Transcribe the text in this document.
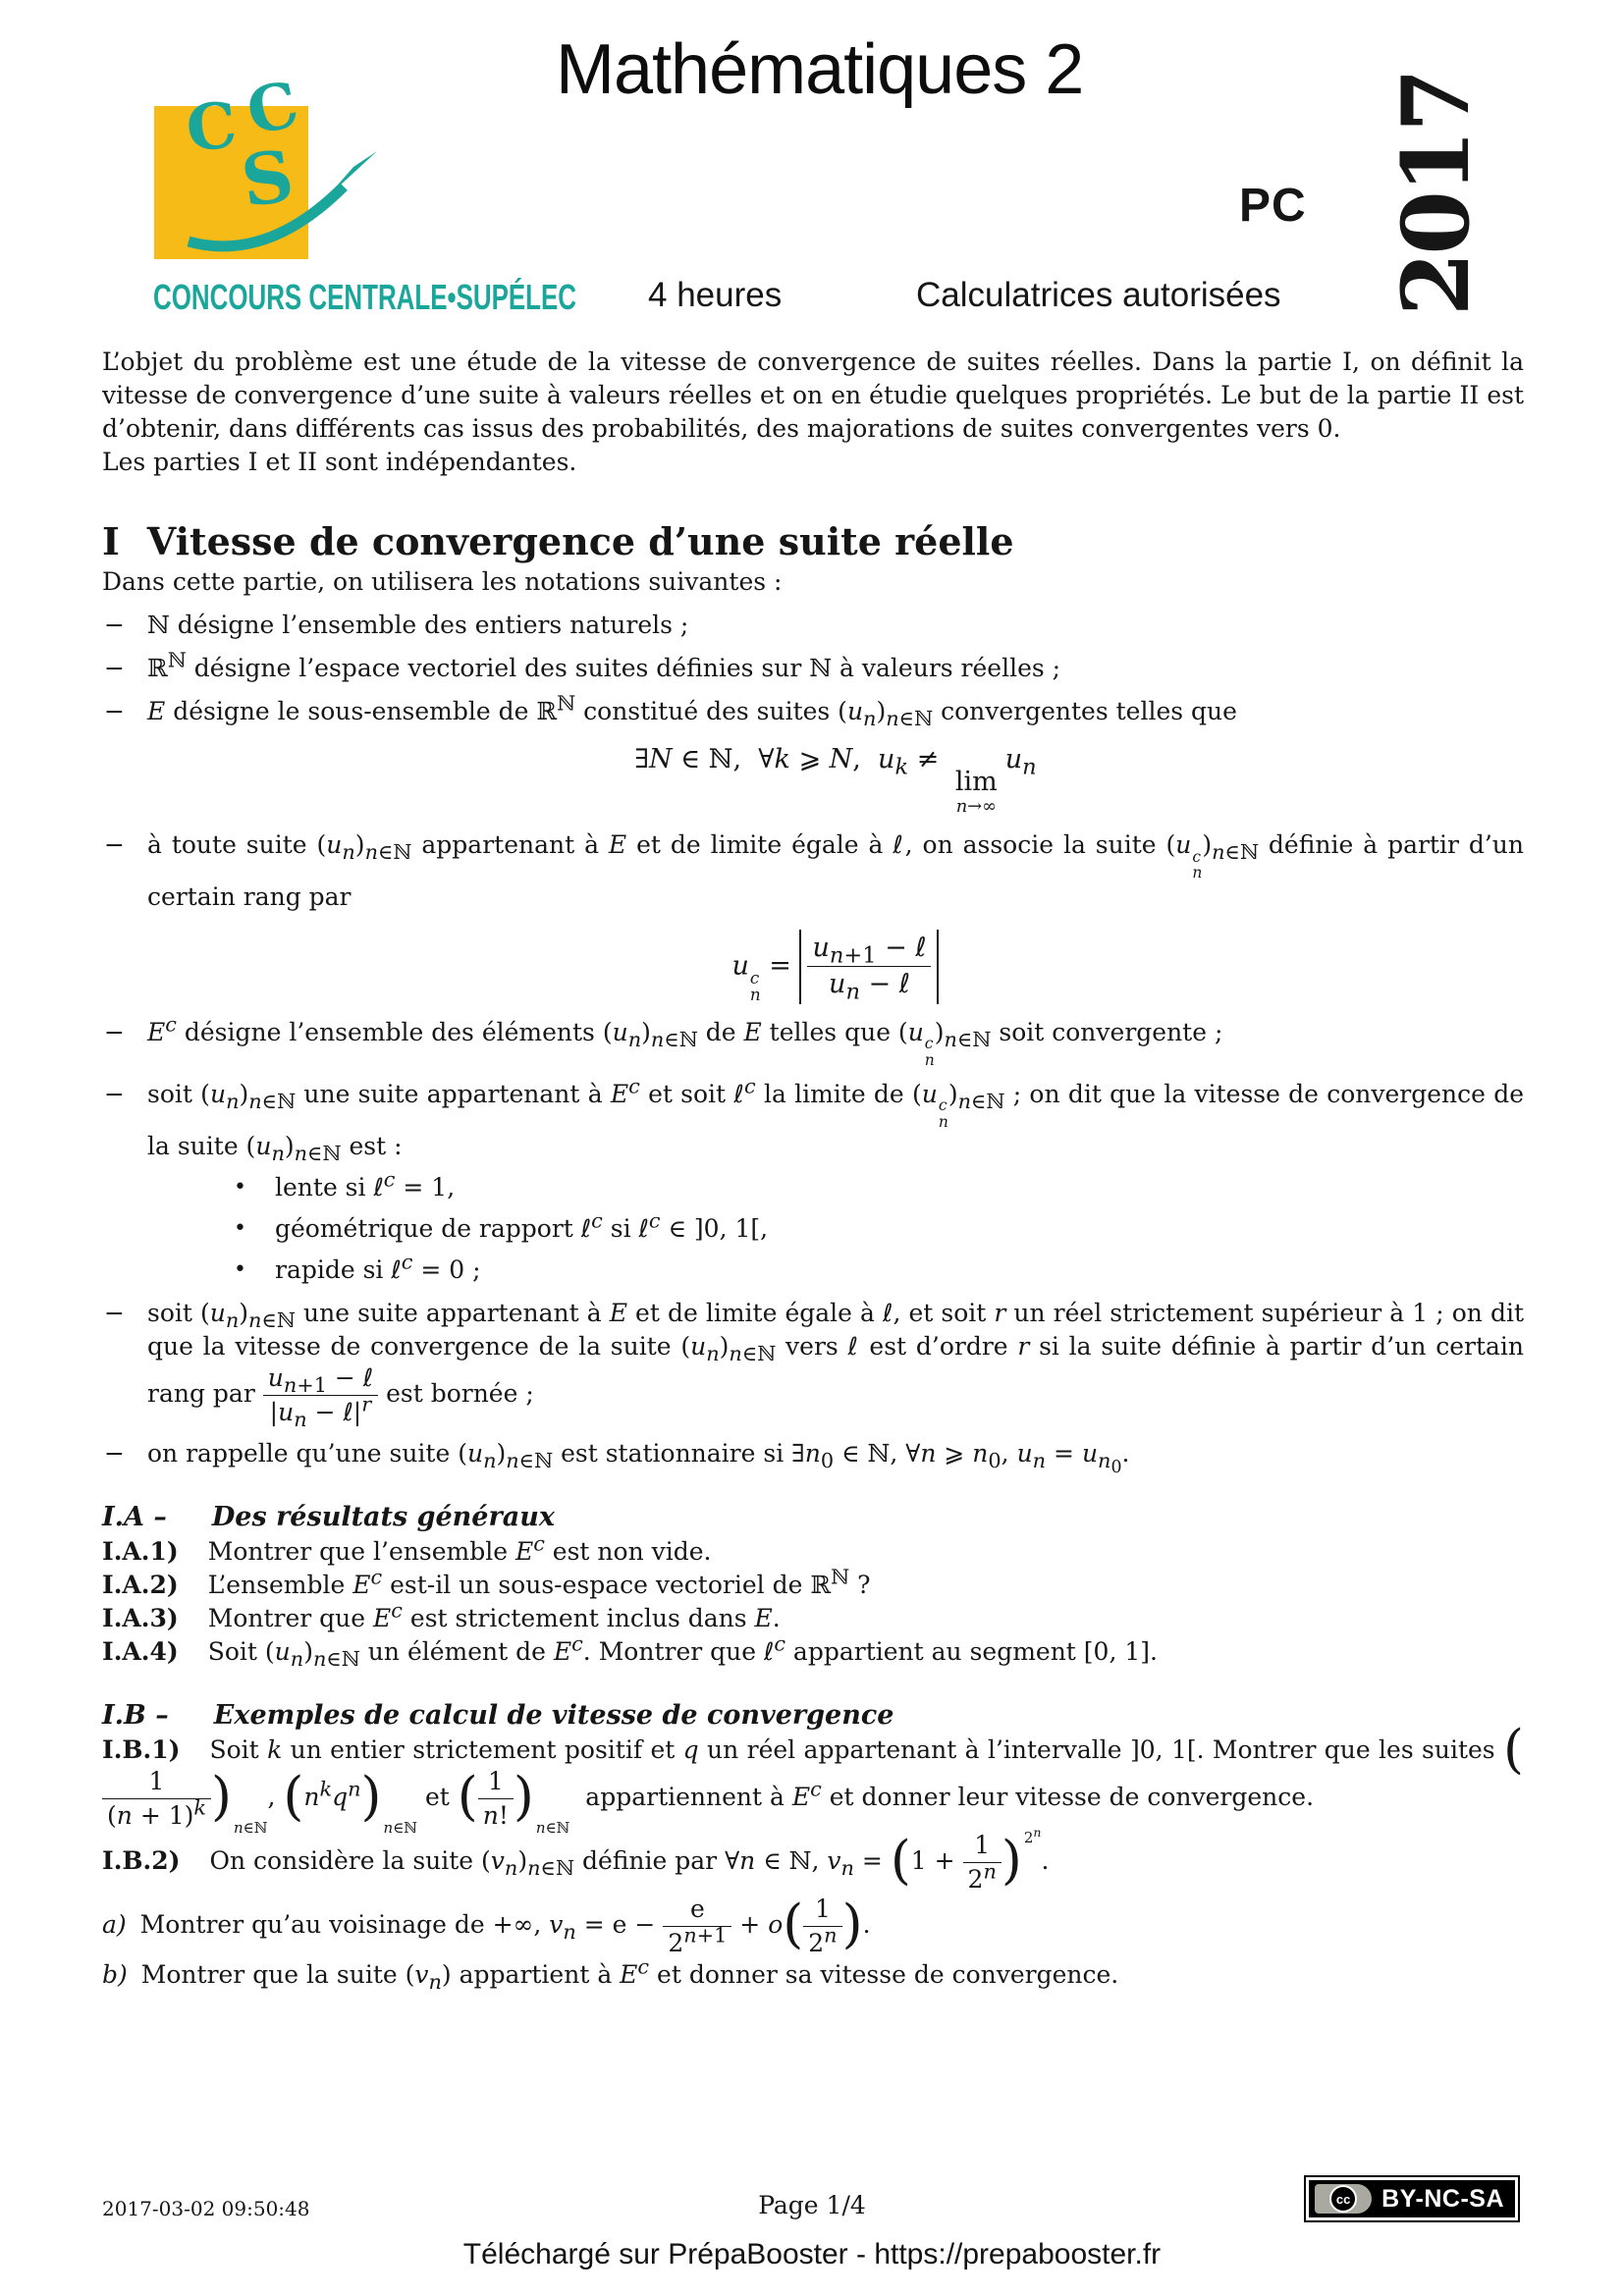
C C
S
CONCOURS CENTRALE•SUPÉLEC
Mathématiques 2
4 heures	Calculatrices autorisées
PC 2017

L’objet du problème est une étude de la vitesse de convergence de suites réelles. Dans la partie I, on définit la vitesse de convergence d’une suite à valeurs réelles et on en étudie quelques propriétés. Le but de la partie II est d’obtenir, dans différents cas issus des probabilités, des majorations de suites convergentes vers 0.

Les parties I et II sont indépendantes.

I Vitesse de convergence d’une suite réelle

Dans cette partie, on utilisera les notations suivantes :

− ℕ désigne l’ensemble des entiers naturels ;
− ℝ$^ℕ$ désigne l’espace vectoriel des suites définies sur ℕ à valeurs réelles ;
− E désigne le sous-ensemble de ℝ$^ℕ$ constitué des suites $(u_n)_{n\in ℕ}$ convergentes telles que
∃N ∈ ℕ,  ∀k ⩾ N,  $u_k$ ≠
lim
n→∞
$u_n$
− à toute suite $(u_n)_{n\in ℕ}$ appartenant à E et de limite égale à ℓ, on associe la suite (u c
n
)$_{n\in ℕ}$ définie à partir d’un certain rang par
u c
n
= $\frac{u_{n+1} - \ell}{u_n - \ell}$
− $E^c$ désigne l’ensemble des éléments $(u_n)_{n\in ℕ}$ de E telles que (u c
n
)$_{n\in ℕ}$ soit convergente ;
− soit $(u_n)_{n\in ℕ}$ une suite appartenant à $E^c$ et soit ℓ$^c$ la limite de (u c
n
)$_{n\in ℕ}$ ; on dit que la vitesse de convergence de la suite $(u_n)_{n\in ℕ}$ est :
• lente si ℓ$^c$ = 1,
• géométrique de rapport ℓ$^c$ si ℓ$^c$ ∈ ]0, 1[,
• rapide si ℓ$^c$ = 0 ;
− soit $(u_n)_{n\in ℕ}$ une suite appartenant à E et de limite égale à ℓ, et soit r un réel strictement supérieur à 1 ; on dit que la vitesse de convergence de la suite $(u_n)_{n\in ℕ}$ vers ℓ est d’ordre r si la suite définie à partir d’un certain rang par $\frac{u_{n+1} - \ell}{|u_n - \ell|^r}$ est bornée ;
− on rappelle qu’une suite $(u_n)_{n\in ℕ}$ est stationnaire si $\exists n_0$ ∈ ℕ, ∀n ⩾ $n_0$, $u_n = u_{n_0}$.
I.A – Des résultats généraux

I.A.1) Montrer que l’ensemble $E^c$ est non vide.

I.A.2) L’ensemble $E^c$ est-il un sous-espace vectoriel de ℝ$^ℕ$ ?

I.A.3) Montrer que $E^c$ est strictement inclus dans E.

I.A.4) Soit $(u_n)_{n\in ℕ}$ un élément de $E^c$. Montrer que ℓ$^c$ appartient au segment [0, 1].

I.B – Exemples de calcul de vitesse de convergence

I.B.1) Soit k un entier strictement positif et q un réel appartenant à l’intervalle ]0, 1[. Montrer que les suites (
$\frac{1}{(n + 1)^k} )_{n\in ℕ}$, $(n^kq^n)_{n\in ℕ}$ et ( $\frac{1}{n!} )_{n\in ℕ}$  appartiennent à $E^c$ et donner leur vitesse de convergence.

I.B.2) On considère la suite $(v_n)_{n\in ℕ}$ définie par ∀n ∈ ℕ, $v_n = (1 + \frac{1}{2^n}$ ) $^{2^n}$.

a) Montrer qu’au voisinage de +∞, $v_n = e - \frac{e}{2^{n+1}} + o( \frac{1}{2^n}$ ).

b) Montrer que la suite $(v_n)$ appartient à $E^c$ et donner sa vitesse de convergence.

2017-03-02 09:50:48	Page 1/4	cc BY-NC-SA
Téléchargé sur PrépaBooster - https://prepabooster.fr
